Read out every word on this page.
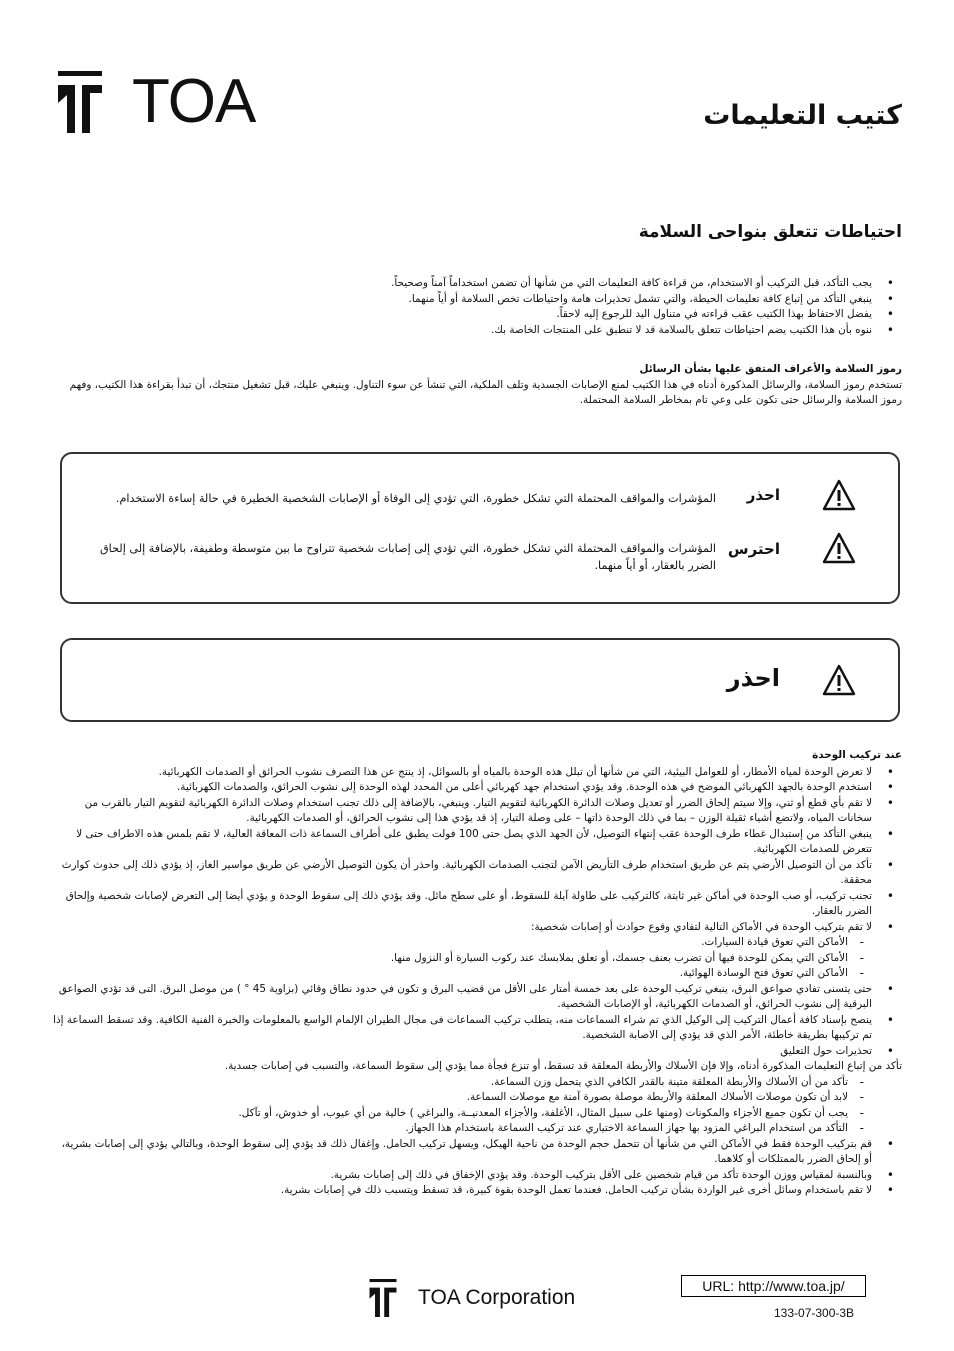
TOA	كتيب التعليمات
احتياطات تتعلق بنواحى السلامة
• يجب التأكد، قبل التركيب أو الاستخدام، من قراءة كافة التعليمات التي من شأنها أن تضمن استخداماً آمناً وصحيحاً.
• ينبغي التأكد من إتباع كافة تعليمات الحيطة، والتي تشمل تحذيرات هامة واحتياطات تخص السلامة أو أياً منهما.
• يفضل الاحتفاظ بهذا الكتيب عقب قراءته في متناول اليد للرجوع إليه لاحقاً.
• ننوه بأن هذا الكتيب يضم احتياطات تتعلق بالسلامة قد لا تنطبق على المنتجات الخاصة بك.
رموز السلامة والأعراف المتفق عليها بشأن الرسائل
تستخدم رموز السلامة، والرسائل المذكورة أدناه في هذا الكتيب لمنع الإصابات الجسدية وتلف الملكية، التي تنشأ عن سوء التناول. وينبغي عليك، قبل تشغيل منتجك، أن تبدأ بقراءة هذا الكتيب، وفهم رموز السلامة والرسائل حتى تكون على وعي تام بمخاطر السلامة المحتملة.
احذر
المؤشرات والمواقف المحتملة التي تشكل خطورة، التي تؤدي إلى الوفاة أو الإصابات الشخصية الخطيرة في حالة إساءة الاستخدام.
احترس
المؤشرات والمواقف المحتملة التي تشكل خطورة، التي تؤدي إلى إصابات شخصية تتراوح ما بين متوسطة وطفيفة، بالإضافة إلى إلحاق الضرر بالعقار، أو أياً منهما.
احذر
عند تركيب الوحدة
• لا تعرض الوحدة لمياه الأمطار، أو للعوامل البيئية، التي من شأنها أن تبلل هذه الوحدة بالمياه أو بالسوائل، إذ ينتج عن هذا التصرف نشوب الحرائق أو الصدمات الكهربائية.
• استخدم الوحدة بالجهد الكهربائي الموضح في هذه الوحدة. وقد يؤدي استخدام جهد كهربائي أعلى من المحدد لهذه الوحدة إلى نشوب الحرائق، والصدمات الكهربائية.
• لا تقم بأي قطع أو ثني، وإلا سيتم إلحاق الضرر أو تعديل وصلات الدائرة الكهربائية لتقويم التيار. وينبغي، بالإضافة إلى ذلك تجنب استخدام وصلات الدائرة الكهربائية لتقويم التيار بالقرب من سخانات المياه، ولاتضع أشياء ثقيلة الوزن – بما في ذلك الوحدة ذاتها – على وصلة التيار، إذ قد يؤدي هذا إلى نشوب الحرائق، أو الصدمات الكهربائية.
• ينبغي التأكد من إستبدال غطاء طرف الوحدة عقب إنتهاء التوصيل، لأن الجهد الذي يصل حتى 100 فولت يطبق على أطراف السماعة ذات المعاقة العالية، لا تقم بلمس هذه الاطراف حتى لا تتعرض للصدمات الكهربائية.
• تأكد من أن التوصيل الأرضي يتم عن طريق استخدام طرف التأريض الآمن لتجنب الصدمات الكهربائية. واحذر أن يكون التوصيل الأرضي عن طريق مواسير الغاز، إذ يؤدي ذلك إلى حدوث كوارث محققة.
• تجنب تركيب، أو صب الوحدة في أماكن غير ثابتة، كالتركيب على طاولة آيلة للسقوط، أو على سطح مائل. وقد يؤدي ذلك إلى سقوط الوحدة و يؤدي أيضا إلى التعرض لإصابات شخصية وإلحاق الضرر بالعقار.
• لا تقم بتركيب الوحدة في الأماكن التالية لتفادي وقوع حوادث أو إصابات شخصية:
- الأماكن التي تعوق قيادة السيارات.
- الأماكن التي يمكن للوحدة فيها أن تضرب بعنف جسمك، أو تعلق بملابسك عند ركوب السيارة أو النزول منها.
- الأماكن التي تعوق فتح الوسادة الهوائية.
• حتى يتسنى تفادي صواعق البرق، ينبغي تركيب الوحدة على بعد خمسة أمتار على الأقل من قضيب البرق و تكون في حدود نطاق وقائي (بزاوية 45 ° ) من موصل البرق. التى قد تؤدي الصواعق البرقية إلى نشوب الحرائق، أو الصدمات الكهربائية، أو الإصابات الشخصية.
• ينصح بإسناد كافة أعمال التركيب إلى الوكيل الذي تم شراء السماعات منه، يتطلب تركيب السماعات فى مجال الطيران الإلمام الواسع بالمعلومات والخبرة الفنية الكافية. وقد تسقط السماعة إذا تم تركيبها بطريقة خاطئة، الأمر الذي قد يؤدي إلى الاصابة الشخصية.
• تحذيرات حول التعليق
تأكد من إتباع التعليمات المذكورة أدناه، وإلا فإن الأسلاك والأربطة المعلقة قد تسقط، أو تنزع فجأة مما يؤدي إلى سقوط السماعة، والتسبب في إصابات جسدية.
- تأكد من أن الأسلاك والأربطة المعلقة متينة بالقدر الكافي الذي يتحمل وزن السماعة.
- لابد أن تكون موصلات الأسلاك المعلقة والأربطة موصلة بصورة آمنة مع موصلات السماعة.
- يجب أن تكون جميع الأجزاء والمكونات (ومنها على سبيل المثال، الأغلفة، والأجزاء المعدنيــة، والبراغي ) خالية من أي عيوب، أو خدوش، أو تآكل.
- التأكد من استخدام البراغي المزود بها جهاز السماعة الاختياري عند تركيب السماعة باستخدام هذا الجهاز.
• قم بتركيب الوحدة فقط في الأماكن التي من شأنها أن تتحمل حجم الوحدة من ناحية الهيكل، ويسهل تركيب الحامل. وإغفال ذلك قد يؤدي إلى سقوط الوحدة، وبالتالي يؤدي إلى إصابات بشرية، أو إلحاق الضرر بالممتلكات أو كلاهما.
• وبالنسبة لمقياس ووزن الوحدة تأكد من قيام شخصين على الأقل بتركيب الوحدة. وقد يؤدي الإخفاق في ذلك إلى إصابات بشرية.
• لا تقم باستخدام وسائل أخرى غير الواردة بشأن تركيب الحامل. فعندما تعمل الوحدة بقوة كبيرة، قد تسقط ويتسبب ذلك في إصابات بشرية.
URL: http://www.toa.jp/
TOA Corporation
133-07-300-3B
